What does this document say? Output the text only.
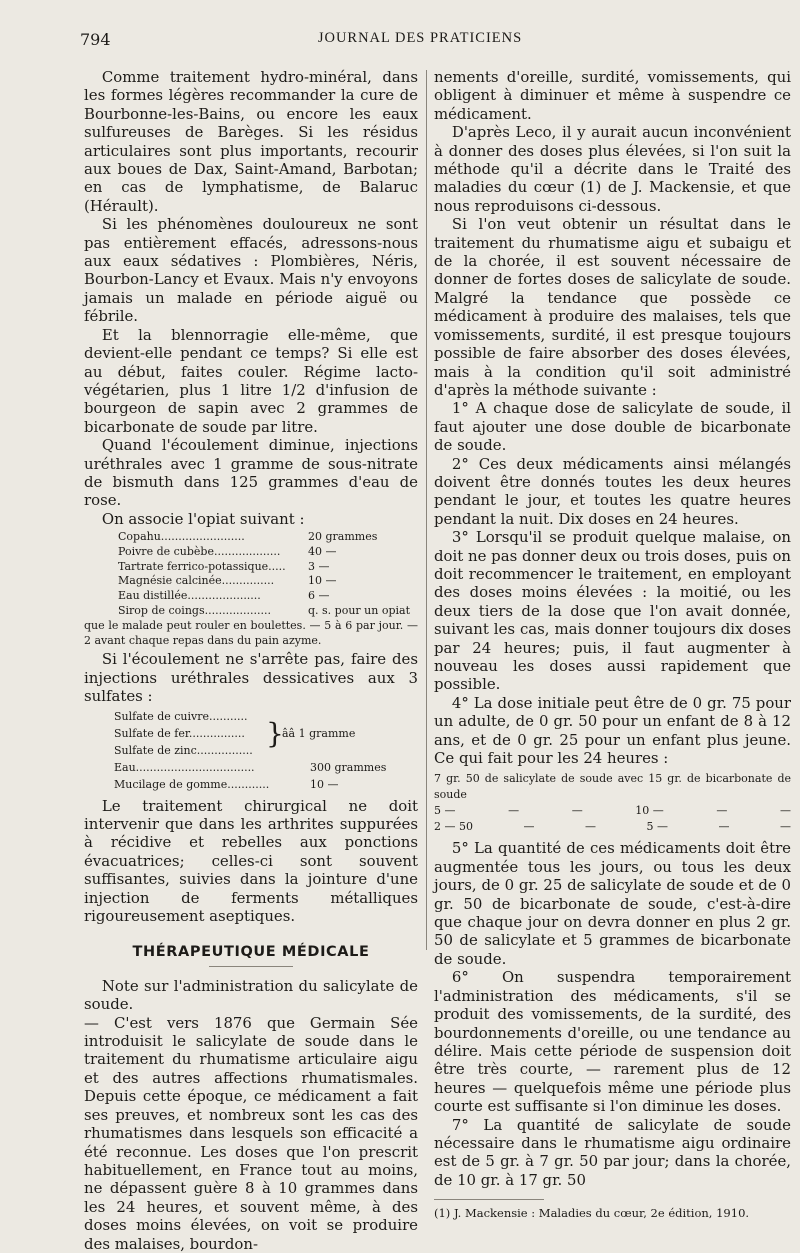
794	JOURNAL DES PRATICIENS

Comme traitement hydro-minéral, dans les formes légères recommander la cure de Bourbonne-les-Bains, ou encore les eaux sulfureuses de Barèges. Si les résidus articulaires sont plus importants, recourir aux boues de Dax, Saint-Amand, Barbotan; en cas de lymphatisme, de Balaruc (Hérault).

Si les phénomènes douloureux ne sont pas entièrement effacés, adressons-nous aux eaux sédatives : Plombières, Néris, Bourbon-Lancy et Evaux. Mais n'y envoyons jamais un malade en période aiguë ou fébrile.

Et la blennorragie elle-même, que devient-elle pendant ce temps? Si elle est au début, faites couler. Régime lacto-végétarien, plus 1 litre 1/2 d'infusion de bourgeon de sapin avec 2 grammes de bicarbonate de soude par litre.

Quand l'écoulement diminue, injections uréthrales avec 1 gramme de sous-nitrate de bismuth dans 125 grammes d'eau de rose.

On associe l'opiat suivant :

Copahu........................	20 grammes
Poivre de cubèbe...................	40 —
Tartrate ferrico-potassique.....	3 —
Magnésie calcinée...............	10 —
Eau distillée.....................	6 —
Sirop de coings...................	q. s. pour un opiat

que le malade peut rouler en boulettes. — 5 à 6 par jour. — 2 avant chaque repas dans du pain azyme.

Si l'écoulement ne s'arrête pas, faire des injections uréthrales dessicatives aux 3 sulfates :

Sulfate de cuivre...........
Sulfate de fer................
Sulfate de zinc................
}
ââ 1 gramme
Eau..................................	300 grammes
Mucilage de gomme............	10 —

Le traitement chirurgical ne doit intervenir que dans les arthrites suppurées à récidive et rebelles aux ponctions évacuatrices; celles-ci sont souvent suffisantes, suivies dans la jointure d'une injection de ferments métalliques rigoureusement aseptiques.

THÉRAPEUTIQUE MÉDICALE

Note sur l'administration du salicylate de soude.

— C'est vers 1876 que Germain Sée introduisit le salicylate de soude dans le traitement du rhumatisme articulaire aigu et des autres affections rhumatismales. Depuis cette époque, ce médicament a fait ses preuves, et nombreux sont les cas des rhumatismes dans lesquels son efficacité a été reconnue. Les doses que l'on prescrit habituellement, en France tout au moins, ne dépassent guère 8 à 10 grammes dans les 24 heures, et souvent même, à des doses moins élevées, on voit se produire des malaises, bourdon-

nements d'oreille, surdité, vomissements, qui obligent à diminuer et même à suspendre ce médicament.

D'après Leco, il y aurait aucun inconvénient à donner des doses plus élevées, si l'on suit la méthode qu'il a décrite dans le Traité des maladies du cœur (1) de J. Mackensie, et que nous reproduisons ci-dessous.

Si l'on veut obtenir un résultat dans le traitement du rhumatisme aigu et subaigu et de la chorée, il est souvent nécessaire de donner de fortes doses de salicylate de soude. Malgré la tendance que possède ce médicament à produire des malaises, tels que vomissements, surdité, il est presque toujours possible de faire absorber des doses élevées, mais à la condition qu'il soit administré d'après la méthode suivante :

1° A chaque dose de salicylate de soude, il faut ajouter une dose double de bicarbonate de soude.

2° Ces deux médicaments ainsi mélangés doivent être donnés toutes les deux heures pendant le jour, et toutes les quatre heures pendant la nuit. Dix doses en 24 heures.

3° Lorsqu'il se produit quelque malaise, on doit ne pas donner deux ou trois doses, puis on doit recommencer le traitement, en employant des doses moins élevées : la moitié, ou les deux tiers de la dose que l'on avait donnée, suivant les cas, mais donner toujours dix doses par 24 heures; puis, il faut augmenter à nouveau les doses aussi rapidement que possible.

4° La dose initiale peut être de 0 gr. 75 pour un adulte, de 0 gr. 50 pour un enfant de 8 à 12 ans, et de 0 gr. 25 pour un enfant plus jeune. Ce qui fait pour les 24 heures :

7 gr. 50 de salicylate de soude avec 15 gr. de bicarbonate de soude
5 —	—	—	10 —	—	—
2 — 50	—	—	5 —	—	—

5° La quantité de ces médicaments doit être augmentée tous les jours, ou tous les deux jours, de 0 gr. 25 de salicylate de soude et de 0 gr. 50 de bicarbonate de soude, c'est-à-dire que chaque jour on devra donner en plus 2 gr. 50 de salicylate et 5 grammes de bicarbonate de soude.

6° On suspendra temporairement l'administration des médicaments, s'il se produit des vomissements, de la surdité, des bourdonnements d'oreille, ou une tendance au délire. Mais cette période de suspension doit être très courte, — rarement plus de 12 heures — quelquefois même une période plus courte est suffisante si l'on diminue les doses.

7° La quantité de salicylate de soude nécessaire dans le rhumatisme aigu ordinaire est de 5 gr. à 7 gr. 50 par jour; dans la chorée, de 10 gr. à 17 gr. 50

(1) J. Mackensie : Maladies du cœur, 2e édition, 1910.
